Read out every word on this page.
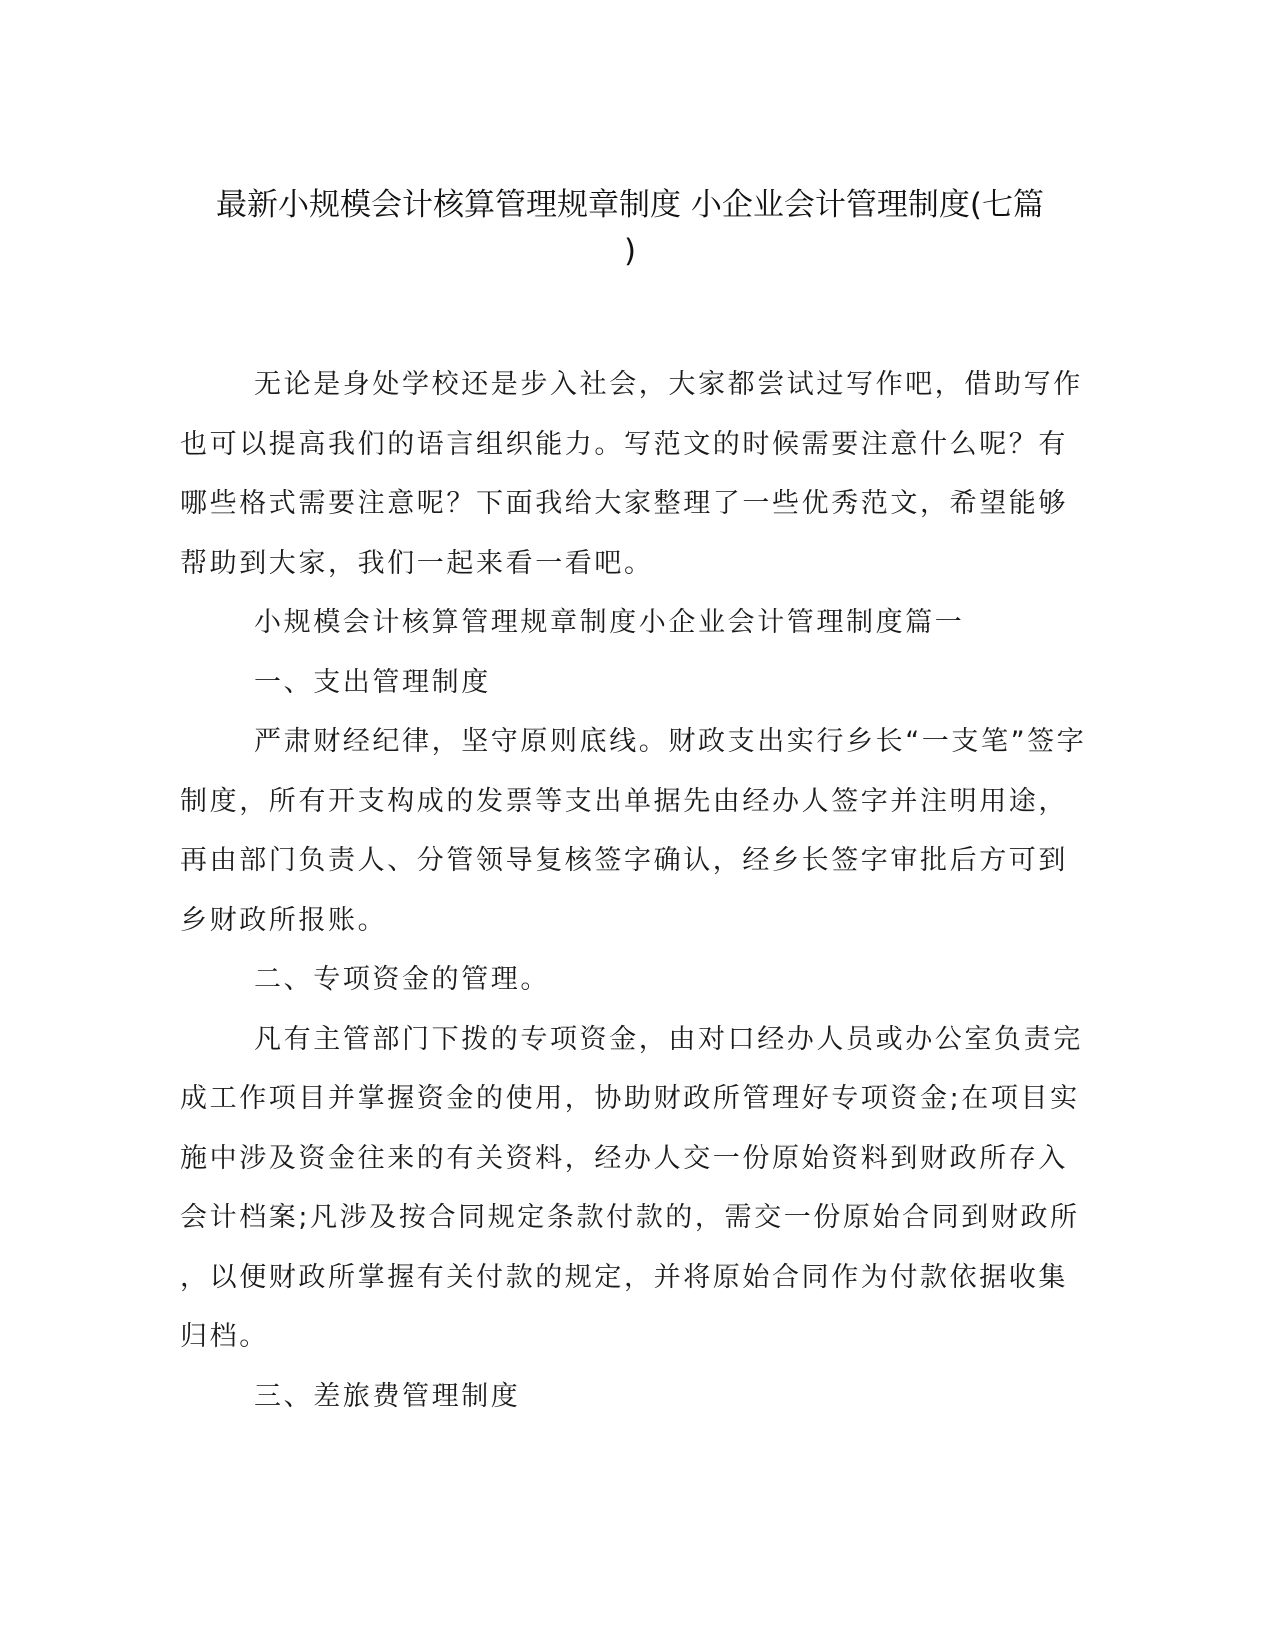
最新小规模会计核算管理规章制度 小企业会计管理制度(七篇
)

无论是身处学校还是步入社会，大家都尝试过写作吧，借助写作
也可以提高我们的语言组织能力。写范文的时候需要注意什么呢？有
哪些格式需要注意呢？下面我给大家整理了一些优秀范文，希望能够
帮助到大家，我们一起来看一看吧。

小规模会计核算管理规章制度小企业会计管理制度篇一

一、支出管理制度

严肃财经纪律，坚守原则底线。财政支出实行乡长“一支笔”签字
制度，所有开支构成的发票等支出单据先由经办人签字并注明用途，
再由部门负责人、分管领导复核签字确认，经乡长签字审批后方可到
乡财政所报账。

二、专项资金的管理。

凡有主管部门下拨的专项资金，由对口经办人员或办公室负责完
成工作项目并掌握资金的使用，协助财政所管理好专项资金;在项目实
施中涉及资金往来的有关资料，经办人交一份原始资料到财政所存入
会计档案;凡涉及按合同规定条款付款的，需交一份原始合同到财政所
，以便财政所掌握有关付款的规定，并将原始合同作为付款依据收集
归档。

三、差旅费管理制度
